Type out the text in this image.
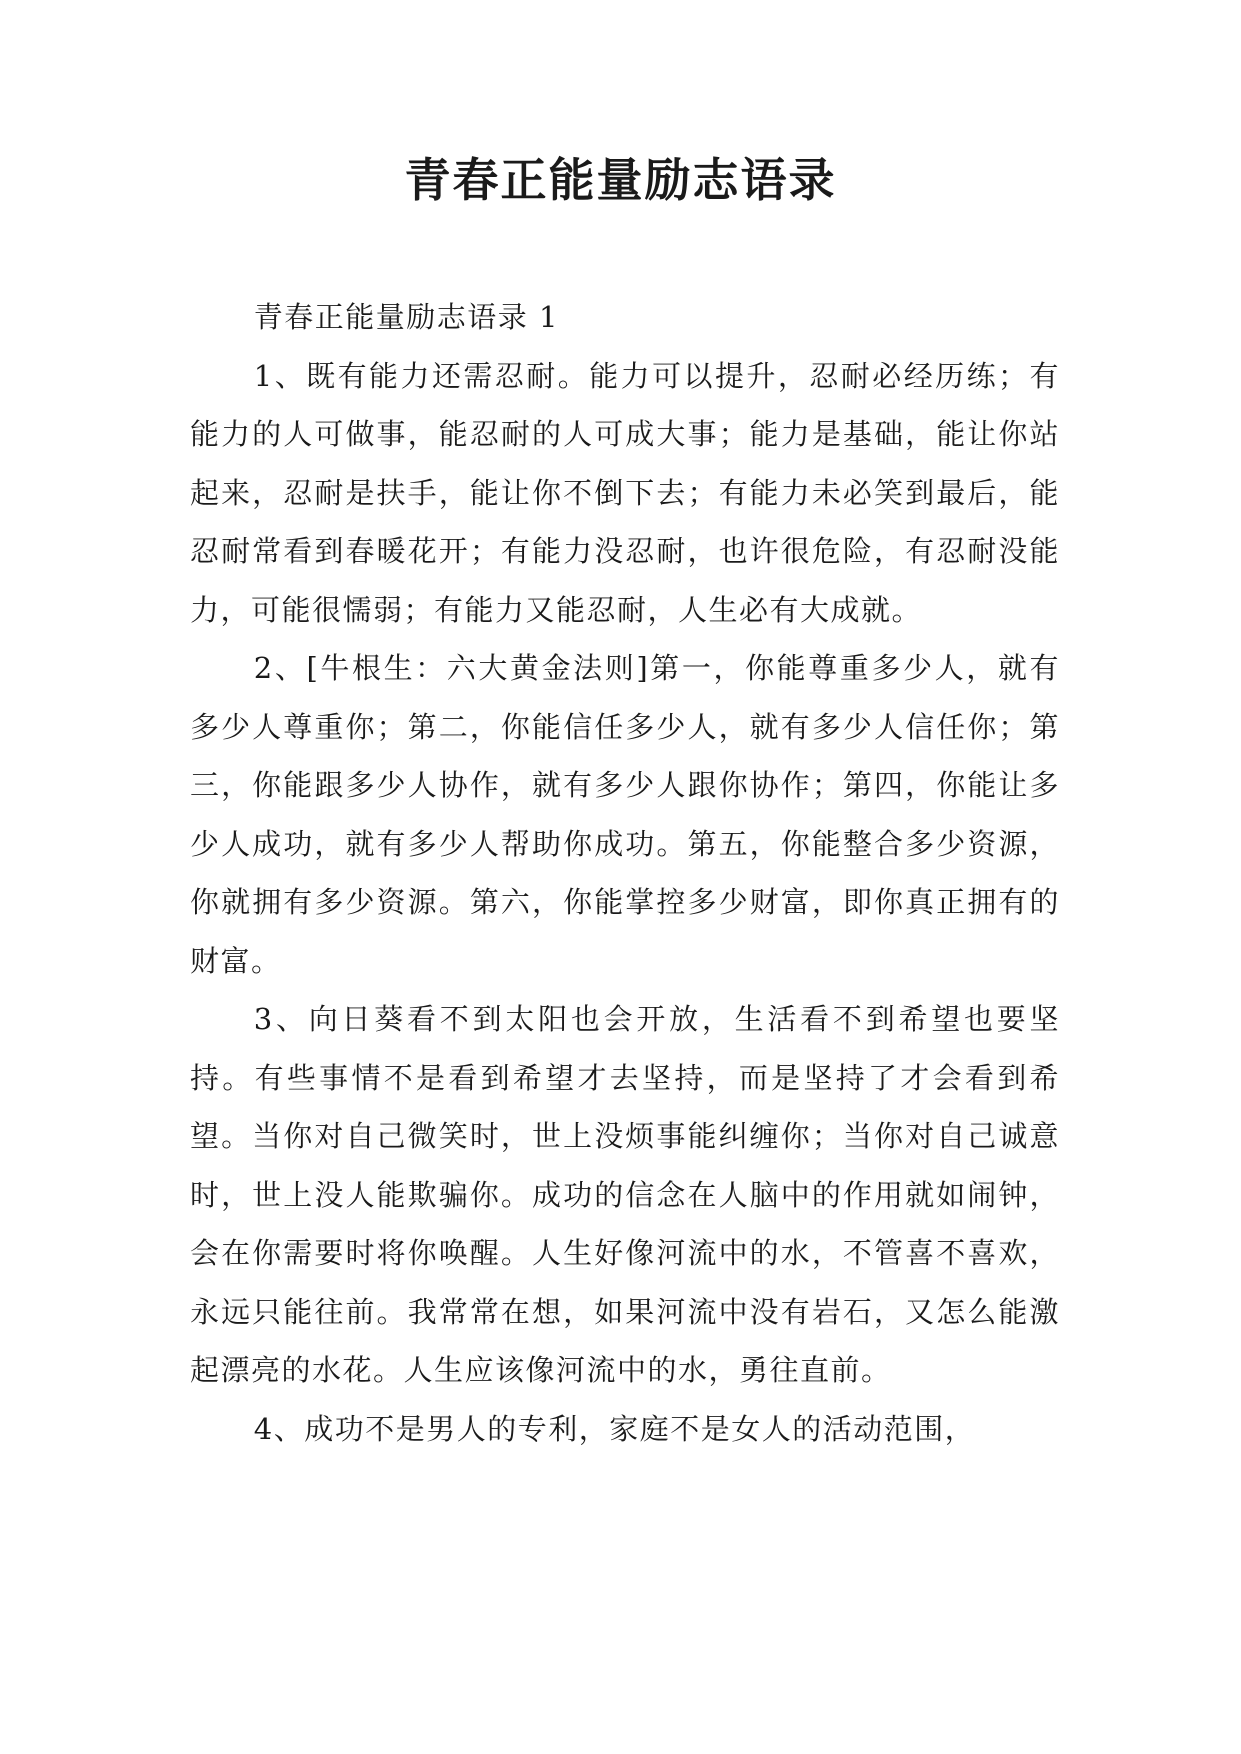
青春正能量励志语录

青春正能量励志语录 1

1、既有能力还需忍耐。能力可以提升，忍耐必经历练；有能力的人可做事，能忍耐的人可成大事；能力是基础，能让你站起来，忍耐是扶手，能让你不倒下去；有能力未必笑到最后，能忍耐常看到春暖花开；有能力没忍耐，也许很危险，有忍耐没能力，可能很懦弱；有能力又能忍耐，人生必有大成就。

2、[牛根生：六大黄金法则]第一，你能尊重多少人，就有多少人尊重你；第二，你能信任多少人，就有多少人信任你；第三，你能跟多少人协作，就有多少人跟你协作；第四，你能让多少人成功，就有多少人帮助你成功。第五，你能整合多少资源，你就拥有多少资源。第六，你能掌控多少财富，即你真正拥有的财富。

3、向日葵看不到太阳也会开放，生活看不到希望也要坚持。有些事情不是看到希望才去坚持，而是坚持了才会看到希望。当你对自己微笑时，世上没烦事能纠缠你；当你对自己诚意时，世上没人能欺骗你。成功的信念在人脑中的作用就如闹钟，会在你需要时将你唤醒。人生好像河流中的水，不管喜不喜欢，永远只能往前。我常常在想，如果河流中没有岩石，又怎么能激起漂亮的水花。人生应该像河流中的水，勇往直前。

4、成功不是男人的专利，家庭不是女人的活动范围，
